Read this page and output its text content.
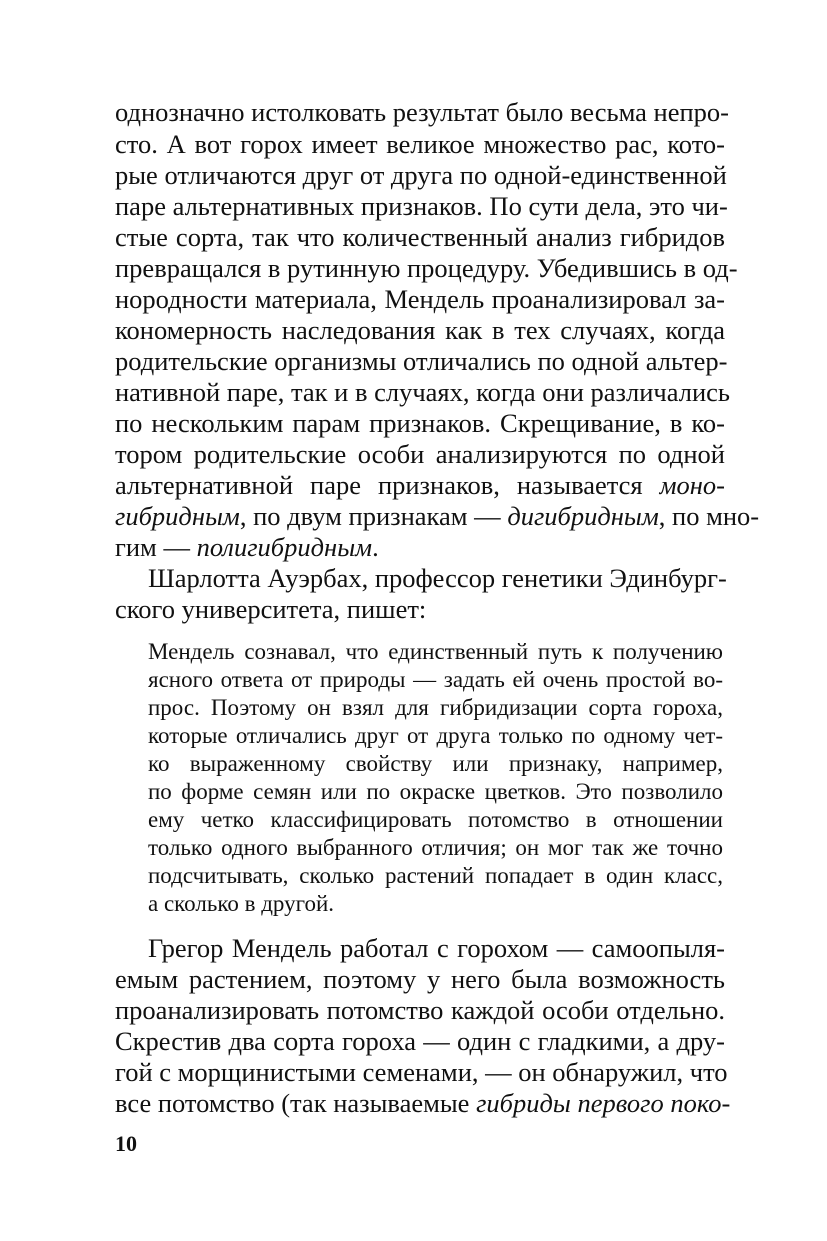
однозначно истолковать результат было весьма непро-
сто. А вот горох имеет великое множество рас, кото-
рые отличаются друг от друга по одной-единственной
паре альтернативных признаков. По сути дела, это чи-
стые сорта, так что количественный анализ гибридов
превращался в рутинную процедуру. Убедившись в од-
нородности материала, Мендель проанализировал за-
кономерность наследования как в тех случаях, когда
родительские организмы отличались по одной альтер-
нативной паре, так и в случаях, когда они различались
по нескольким парам признаков. Скрещивание, в ко-
тором родительские особи анализируются по одной
альтернативной паре признаков, называется моно-
гибридным, по двум признакам — дигибридным, по мно-
гим — полигибридным.
Шарлотта Ауэрбах, профессор генетики Эдинбург-
ского университета, пишет:
Мендель сознавал, что единственный путь к получению
ясного ответа от природы — задать ей очень простой во-
прос. Поэтому он взял для гибридизации сорта гороха,
которые отличались друг от друга только по одному чет-
ко выраженному свойству или признаку, например,
по форме семян или по окраске цветков. Это позволило
ему четко классифицировать потомство в отношении
только одного выбранного отличия; он мог так же точно
подсчитывать, сколько растений попадает в один класс,
а сколько в другой.
Грегор Мендель работал с горохом — самоопыля-
емым растением, поэтому у него была возможность
проанализировать потомство каждой особи отдельно.
Скрестив два сорта гороха — один с гладкими, а дру-
гой с морщинистыми семенами, — он обнаружил, что
все потомство (так называемые гибриды первого поко-
10
